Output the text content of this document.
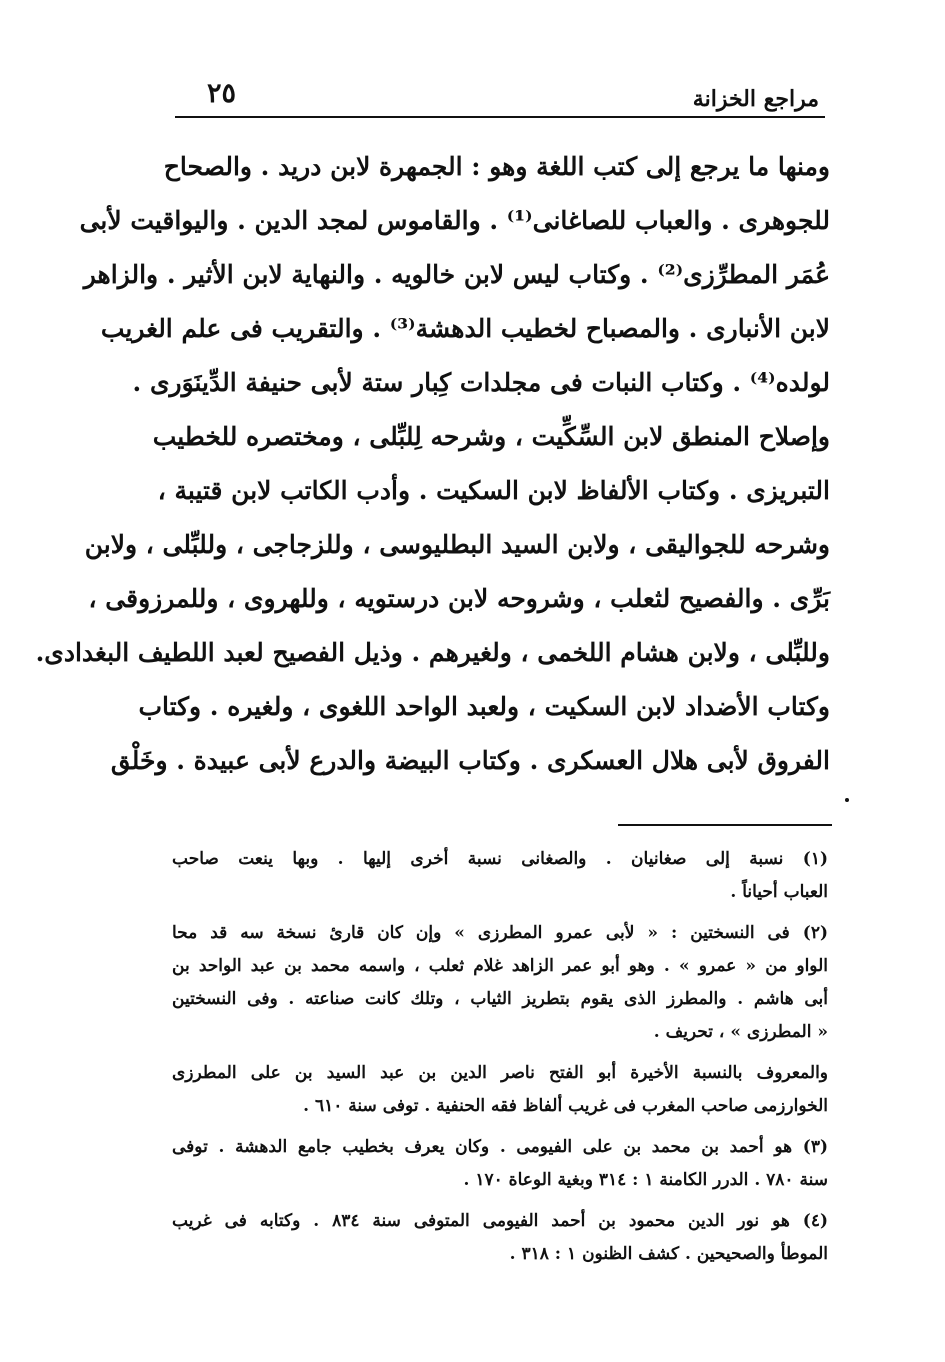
مراجع الخزانة
٢٥
ومنها ما يرجع إلى كتب اللغة وهو : الجمهرة لابن دريد . والصحاح
للجوهرى . والعباب للصاغانى⁽¹⁾ . والقاموس لمجد الدين . واليواقيت لأبى
عُمَر المطرِّزى⁽²⁾ . وكتاب ليس لابن خالويه . والنهاية لابن الأثير . والزاهر
لابن الأنبارى . والمصباح لخطيب الدهشة⁽³⁾ . والتقريب فى علم الغريب
لولده⁽⁴⁾ . وكتاب النبات فى مجلدات كِبار ستة لأبى حنيفة الدِّينَوَرى .
وإصلاح المنطق لابن السِّكِّيت ، وشرحه لِلبِّلى ، ومختصره للخطيب
التبريزى . وكتاب الألفاظ لابن السكيت . وأدب الكاتب لابن قتيبة ،
وشرحه للجواليقى ، ولابن السيد البطليوسى ، وللزجاجى ، وللبِّلى ، ولابن
بَرِّى . والفصيح لثعلب ، وشروحه لابن درستويه ، وللهروى ، وللمرزوقى ،
وللبِّلى ، ولابن هشام اللخمى ، ولغيرهم . وذيل الفصيح لعبد اللطيف البغدادى.
وكتاب الأضداد لابن السكيت ، ولعبد الواحد اللغوى ، ولغيره . وكتاب
الفروق لأبى هلال العسكرى . وكتاب البيضة والدرع لأبى عبيدة . وخَلْق
(١) نسبة إلى صغانيان . والصغانى نسبة أخرى إليها . وبها ينعت صاحب
العباب أحياناً .
(٢) فى النسختين : « لأبى عمرو المطرزى » وإن كان قارئ نسخة سه قد محا
الواو من « عمرو » . وهو أبو عمر الزاهد غلام ثعلب ، واسمه محمد بن عبد الواحد بن
أبى هاشم . والمطرز الذى يقوم بتطريز الثياب ، وتلك كانت صناعته . وفى النسختين
« المطرزى » ، تحريف .
والمعروف بالنسبة الأخيرة أبو الفتح ناصر الدين بن عبد السيد بن على المطرزى
الخوارزمى صاحب المغرب فى غريب ألفاظ فقه الحنفية . توفى سنة ٦١٠ .
(٣) هو أحمد بن محمد بن على الفيومى . وكان يعرف بخطيب جامع الدهشة . توفى
سنة ٧٨٠ . الدرر الكامنة ١ : ٣١٤ وبغية الوعاة ١٧٠ .
(٤) هو نور الدين محمود بن أحمد الفيومى المتوفى سنة ٨٣٤ . وكتابه فى غريب
الموطأ والصحيحين . كشف الظنون ١ : ٣١٨ .
